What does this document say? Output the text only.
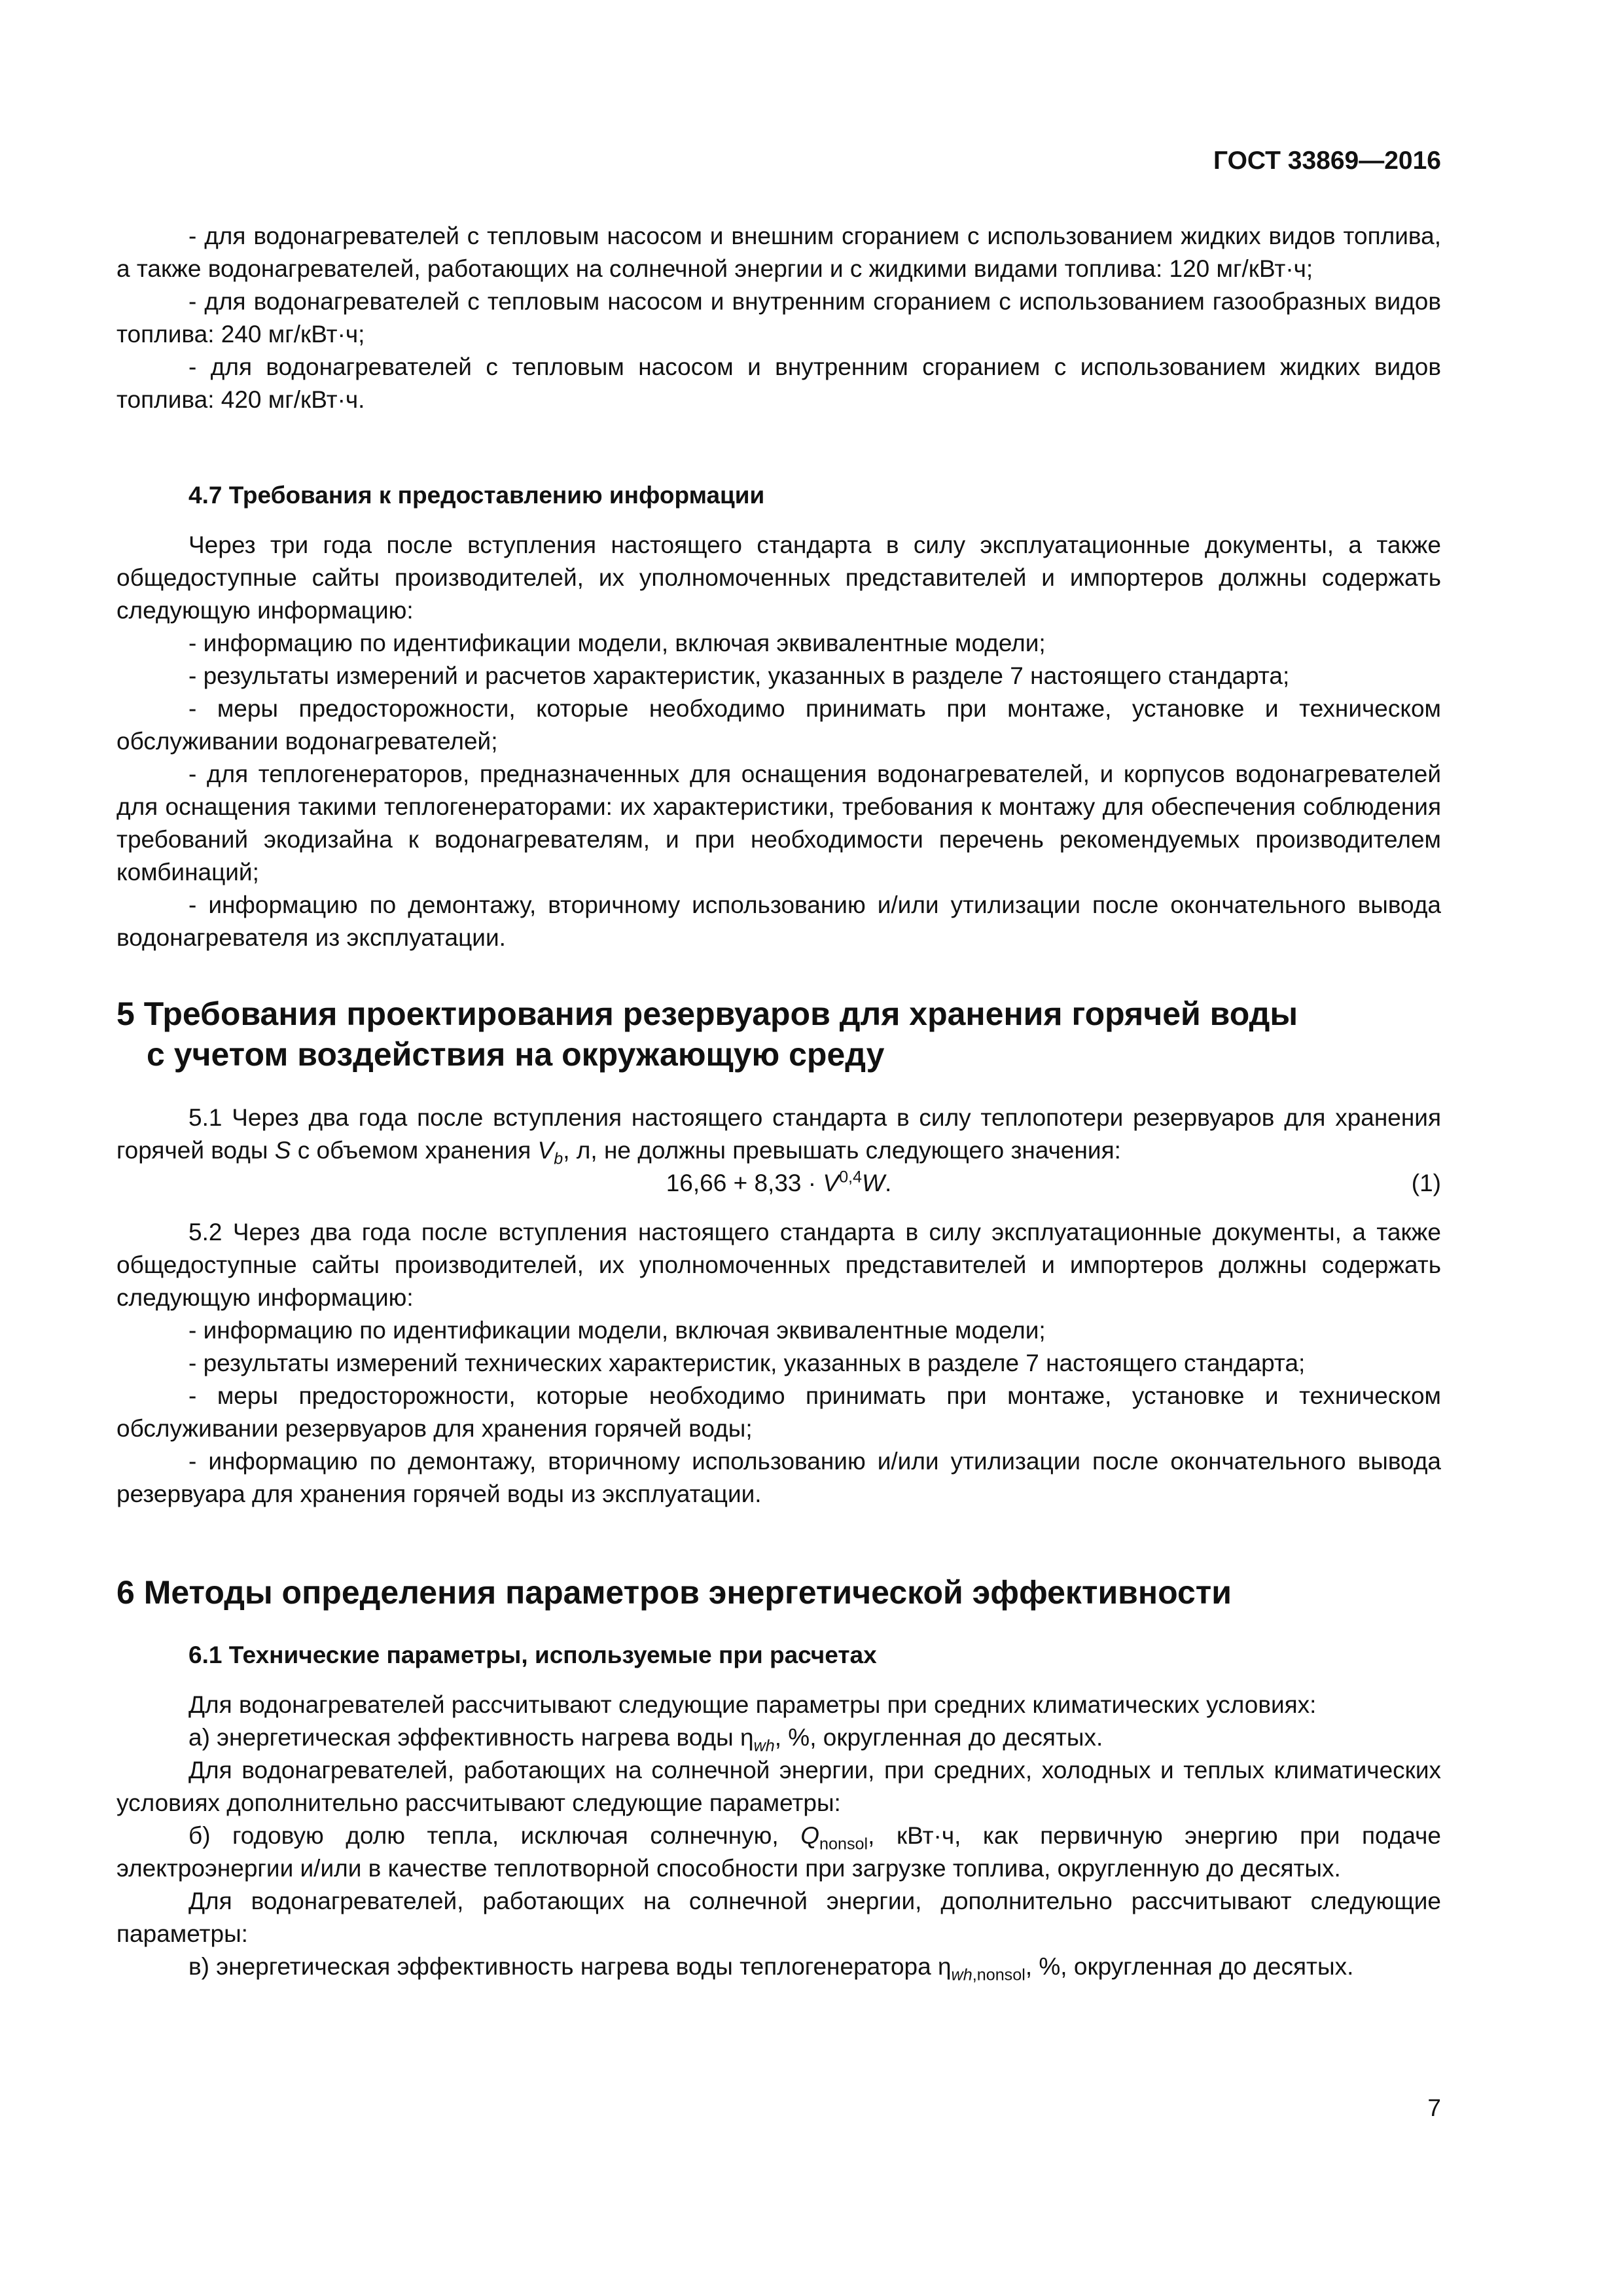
ГОСТ 33869—2016

- для водонагревателей с тепловым насосом и внешним сгоранием с использованием жидких видов топлива, а также водонагревателей, работающих на солнечной энергии и с жидкими видами топлива: 120 мг/кВт·ч;

- для водонагревателей с тепловым насосом и внутренним сгоранием с использованием газообразных видов топлива: 240 мг/кВт·ч;

- для водонагревателей с тепловым насосом и внутренним сгоранием с использованием жидких видов топлива: 420 мг/кВт·ч.

4.7 Требования к предоставлению информации

Через три года после вступления настоящего стандарта в силу эксплуатационные документы, а также общедоступные сайты производителей, их уполномоченных представителей и импортеров должны содержать следующую информацию:

- информацию по идентификации модели, включая эквивалентные модели;

- результаты измерений и расчетов характеристик, указанных в разделе 7 настоящего стандарта;

- меры предосторожности, которые необходимо принимать при монтаже, установке и техническом обслуживании водонагревателей;

- для теплогенераторов, предназначенных для оснащения водонагревателей, и корпусов водонагревателей для оснащения такими теплогенераторами: их характеристики, требования к монтажу для обеспечения соблюдения требований экодизайна к водонагревателям, и при необходимости перечень рекомендуемых производителем комбинаций;

- информацию по демонтажу, вторичному использованию и/или утилизации после окончательного вывода водонагревателя из эксплуатации.

5 Требования проектирования резервуаров для хранения горячей воды
с учетом воздействия на окружающую среду

5.1 Через два года после вступления настоящего стандарта в силу теплопотери резервуаров для хранения горячей воды S с объемом хранения $V_b$, л, не должны превышать следующего значения:

16,66 + 8,33 · V$^{0,4}$W.	(1)

5.2 Через два года после вступления настоящего стандарта в силу эксплуатационные документы, а также общедоступные сайты производителей, их уполномоченных представителей и импортеров должны содержать следующую информацию:

- информацию по идентификации модели, включая эквивалентные модели;

- результаты измерений технических характеристик, указанных в разделе 7 настоящего стандарта;

- меры предосторожности, которые необходимо принимать при монтаже, установке и техническом обслуживании резервуаров для хранения горячей воды;

- информацию по демонтажу, вторичному использованию и/или утилизации после окончательного вывода резервуара для хранения горячей воды из эксплуатации.

6 Методы определения параметров энергетической эффективности
6.1 Технические параметры, используемые при расчетах

Для водонагревателей рассчитывают следующие параметры при средних климатических условиях:

а) энергетическая эффективность нагрева воды $\eta_{wh}$, %, округленная до десятых.

Для водонагревателей, работающих на солнечной энергии, при средних, холодных и теплых климатических условиях дополнительно рассчитывают следующие параметры:

б) годовую долю тепла, исключая солнечную, $Q_{nonsol}$, кВт·ч, как первичную энергию при подаче электроэнергии и/или в качестве теплотворной способности при загрузке топлива, округленную до десятых.

Для водонагревателей, работающих на солнечной энергии, дополнительно рассчитывают следующие параметры:

в) энергетическая эффективность нагрева воды теплогенератора $\eta_{wh,nonsol}$, %, округленная до десятых.

7
